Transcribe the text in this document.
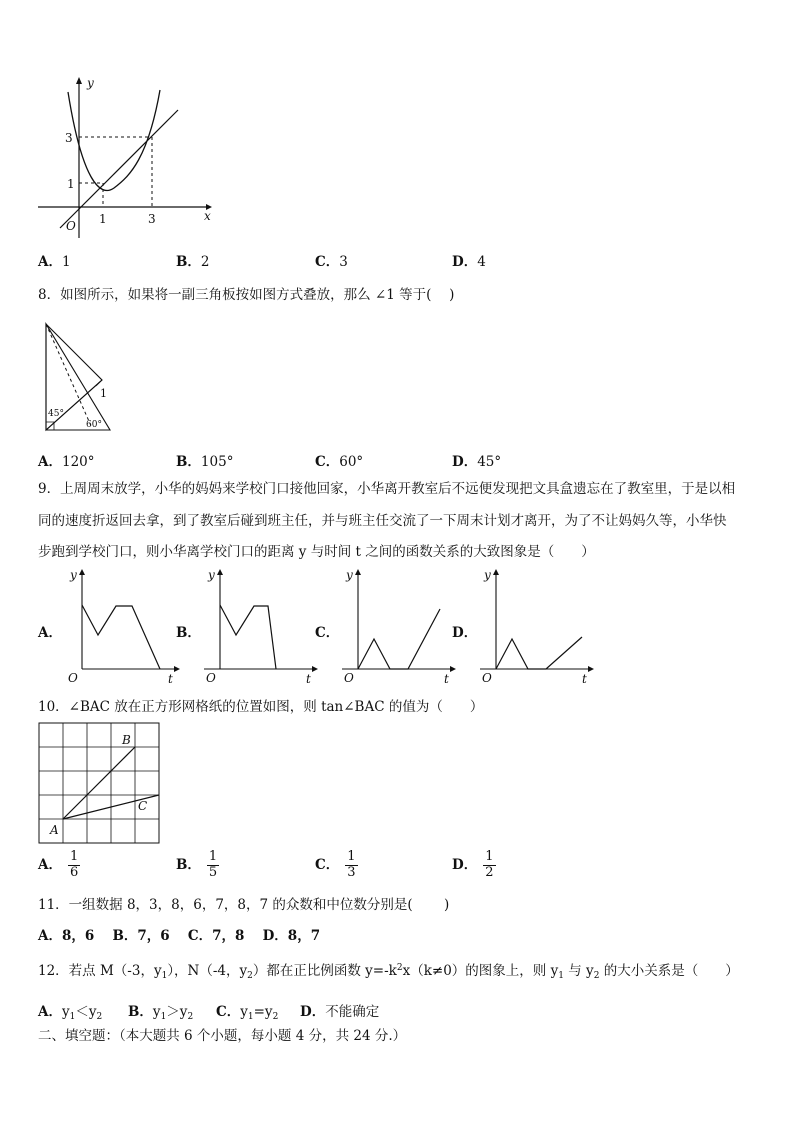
y
x
O 1	3
1
3
A．1	B．2	C．3	D．4
8．如图所示，如果将一副三角板按如图方式叠放，那么 ∠1 等于(　 )
45°
60°
1
A．120°	B．105°	C．60°	D．45°
9．上周周末放学，小华的妈妈来学校门口接他回家，小华离开教室后不远便发现把文具盒遗忘在了教室里，于是以相
同的速度折返回去拿，到了教室后碰到班主任，并与班主任交流了一下周末计划才离开，为了不让妈妈久等，小华快
步跑到学校门口，则小华离学校门口的距离 y 与时间 t 之间的函数关系的大致图象是（　　）
A．	B．	C．	D．
y
t
O
y
t
O
y
t
O
y
t
O
10．∠BAC 放在正方形网格纸的位置如图，则 tan∠BAC 的值为（　　）
A
B
C
A． $\frac{1}{6}$	B． $\frac{1}{5}$	C． $\frac{1}{3}$	D． $\frac{1}{2}$
11．一组数据 8，3，8，6，7，8，7 的众数和中位数分别是(　　 )
A．8，6　 B．7，6　 C．7，8　 D．8，7
12．若点 M（-3，$y_1$），N（-4，$y_2$）都在正比例函数 $y=-k^2x(k\ne 0)$的图象上，则 $y_1$ 与 $y_2$ 的大小关系是（　　）
A．$y_1<y_2$ B．$y_1>y_2$ C．$y_1=y_2$ D．不能确定
二、填空题：（本大题共 6 个小题，每小题 4 分，共 24 分.）
